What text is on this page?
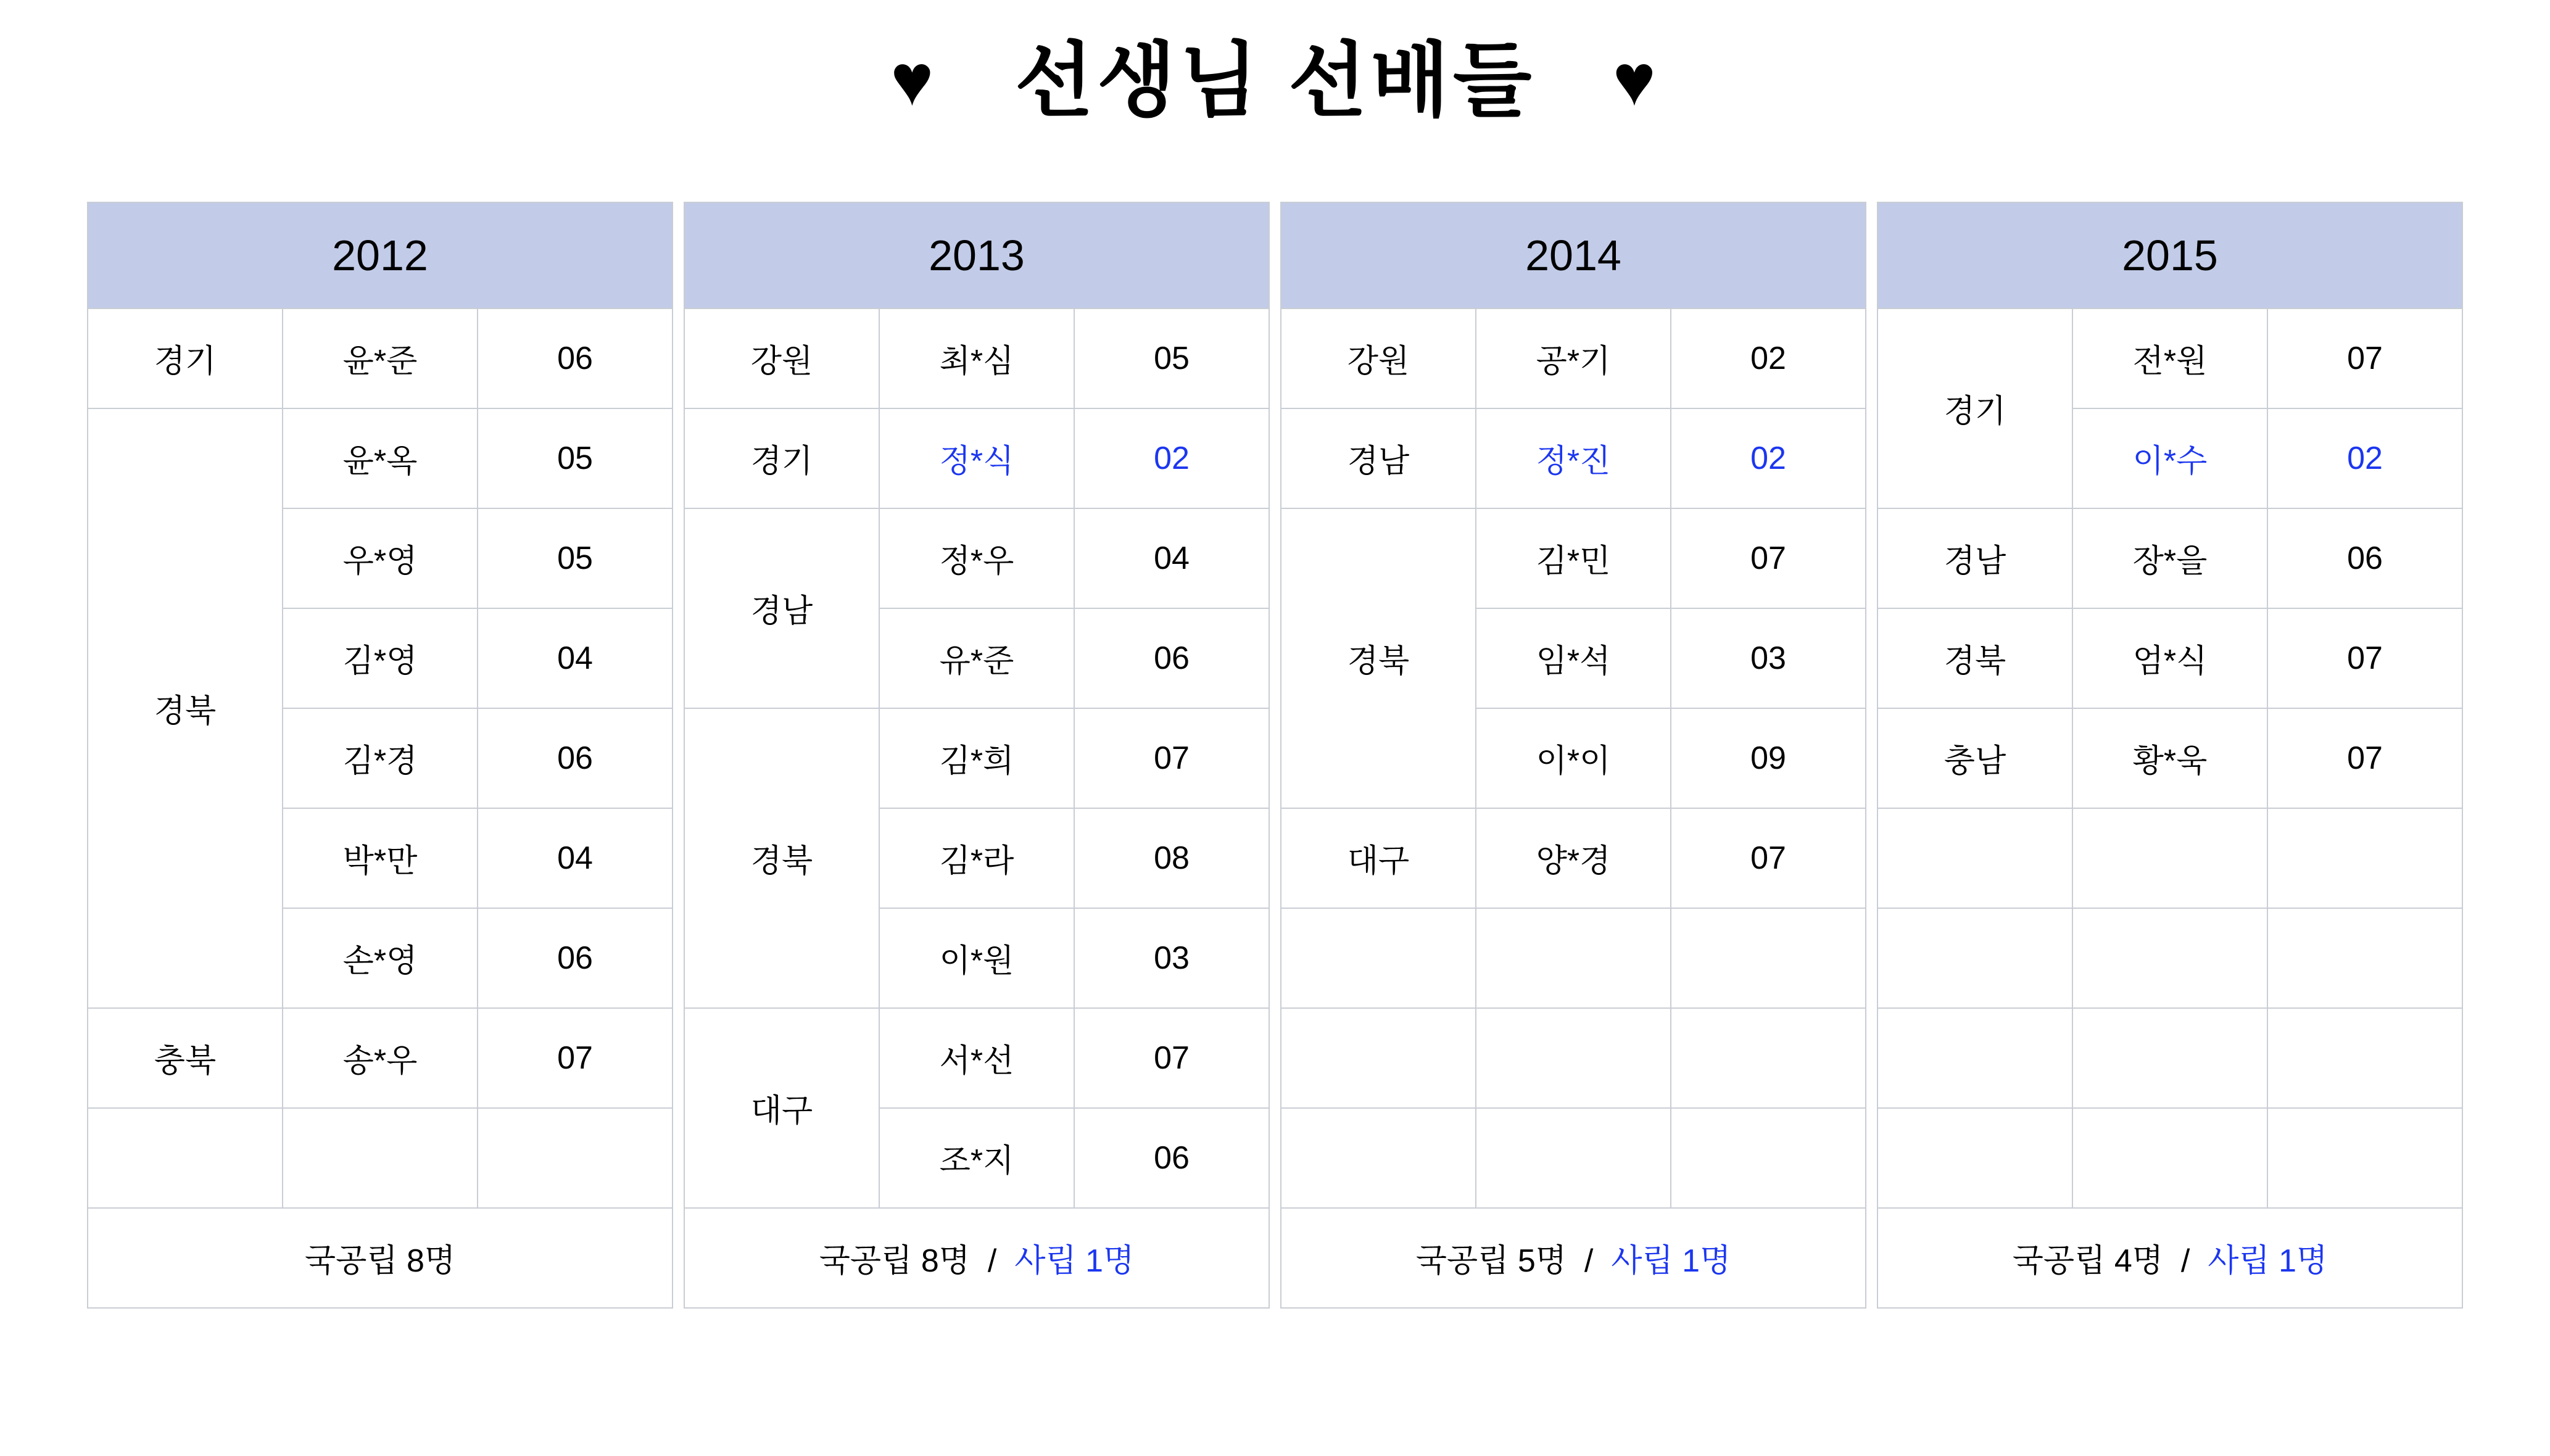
♥ 선생님 선배들 ♥
2012		
경기	윤*준	06
경북	윤*옥	05
	우*영	05
	김*영	04
	김*경	06
	박*만	04
	손*영	06
충북	송*우	07

국공립 8명		
2013		
강원	최*심	05
경기	정*식	02
경남	정*우	04
	유*준	06
경북	김*희	07
	김*라	08
	이*원	03
대구	서*선	07
	조*지	06
국공립 8명  /  사립 1명		
2014		
강원	공*기	02
경남	정*진	02
경북	김*민	07
	임*석	03
	이*이	09
대구	양*경	07

국공립 5명  /  사립 1명		
2015		
경기	전*원	07
	이*수	02
경남	장*을	06
경북	엄*식	07
충남	황*욱	07

국공립 4명  /  사립 1명		
